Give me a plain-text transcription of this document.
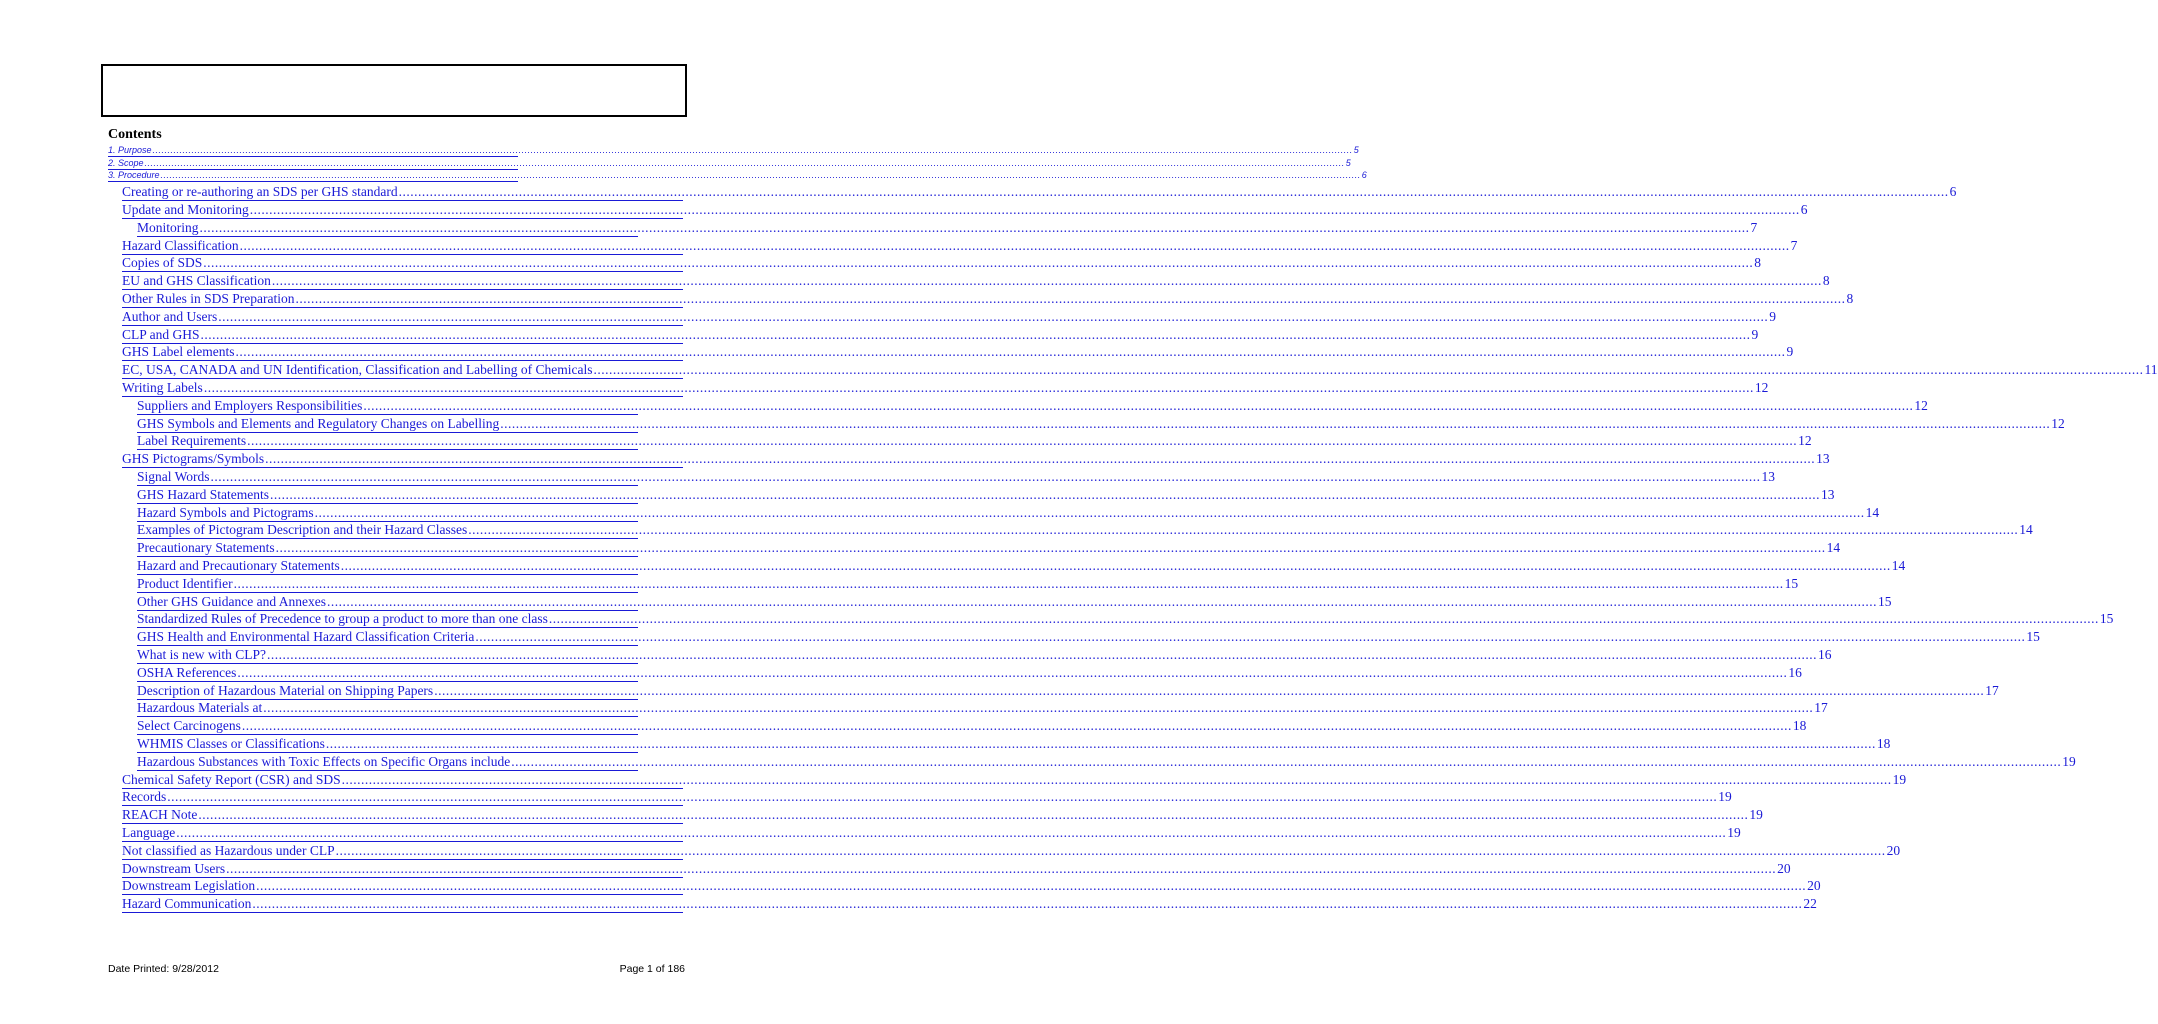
Contents
1. Purpose ................................................................................................................................................................................................................................................................................................................................................................................................................ 5
2. Scope ................................................................................................................................................................................................................................................................................................................................................................................................................ 5
3. Procedure ................................................................................................................................................................................................................................................................................................................................................................................................................ 6
Creating or re-authoring an SDS per GHS standard ................................................................................................................................................................................................................................................................................................................................................................................................................ 6
Update and Monitoring ................................................................................................................................................................................................................................................................................................................................................................................................................ 6
Monitoring ................................................................................................................................................................................................................................................................................................................................................................................................................ 7
Hazard Classification ................................................................................................................................................................................................................................................................................................................................................................................................................ 7
Copies of SDS ................................................................................................................................................................................................................................................................................................................................................................................................................ 8
EU and GHS Classification ................................................................................................................................................................................................................................................................................................................................................................................................................ 8
Other Rules in SDS Preparation ................................................................................................................................................................................................................................................................................................................................................................................................................ 8
Author and Users ................................................................................................................................................................................................................................................................................................................................................................................................................ 9
CLP and GHS ................................................................................................................................................................................................................................................................................................................................................................................................................ 9
GHS Label elements ................................................................................................................................................................................................................................................................................................................................................................................................................ 9
EC, USA, CANADA and UN Identification, Classification and Labelling of Chemicals ................................................................................................................................................................................................................................................................................................................................................................................................................ 11
Writing Labels ................................................................................................................................................................................................................................................................................................................................................................................................................ 12
Suppliers and Employers Responsibilities ................................................................................................................................................................................................................................................................................................................................................................................................................ 12
GHS Symbols and Elements and Regulatory Changes on Labelling ................................................................................................................................................................................................................................................................................................................................................................................................................ 12
Label Requirements ................................................................................................................................................................................................................................................................................................................................................................................................................ 12
GHS Pictograms/Symbols ................................................................................................................................................................................................................................................................................................................................................................................................................ 13
Signal Words ................................................................................................................................................................................................................................................................................................................................................................................................................ 13
GHS Hazard Statements ................................................................................................................................................................................................................................................................................................................................................................................................................ 13
Hazard Symbols and Pictograms ................................................................................................................................................................................................................................................................................................................................................................................................................ 14
Examples of Pictogram Description and their Hazard Classes ................................................................................................................................................................................................................................................................................................................................................................................................................ 14
Precautionary Statements ................................................................................................................................................................................................................................................................................................................................................................................................................ 14
Hazard and Precautionary Statements ................................................................................................................................................................................................................................................................................................................................................................................................................ 14
Product Identifier ................................................................................................................................................................................................................................................................................................................................................................................................................ 15
Other GHS Guidance and Annexes ................................................................................................................................................................................................................................................................................................................................................................................................................ 15
Standardized Rules of Precedence to group a product to more than one class ................................................................................................................................................................................................................................................................................................................................................................................................................ 15
GHS Health and Environmental Hazard Classification Criteria ................................................................................................................................................................................................................................................................................................................................................................................................................ 15
What is new with CLP? ................................................................................................................................................................................................................................................................................................................................................................................................................ 16
OSHA References ................................................................................................................................................................................................................................................................................................................................................................................................................ 16
Description of Hazardous Material on Shipping Papers ................................................................................................................................................................................................................................................................................................................................................................................................................ 17
Hazardous Materials at ................................................................................................................................................................................................................................................................................................................................................................................................................ 17
Select Carcinogens ................................................................................................................................................................................................................................................................................................................................................................................................................ 18
WHMIS Classes or Classifications ................................................................................................................................................................................................................................................................................................................................................................................................................ 18
Hazardous Substances with Toxic Effects on Specific Organs include ................................................................................................................................................................................................................................................................................................................................................................................................................ 19
Chemical Safety Report (CSR) and SDS ................................................................................................................................................................................................................................................................................................................................................................................................................ 19
Records ................................................................................................................................................................................................................................................................................................................................................................................................................ 19
REACH Note ................................................................................................................................................................................................................................................................................................................................................................................................................ 19
Language ................................................................................................................................................................................................................................................................................................................................................................................................................ 19
Not classified as Hazardous under CLP ................................................................................................................................................................................................................................................................................................................................................................................................................ 20
Downstream Users ................................................................................................................................................................................................................................................................................................................................................................................................................ 20
Downstream Legislation ................................................................................................................................................................................................................................................................................................................................................................................................................ 20
Hazard Communication ................................................................................................................................................................................................................................................................................................................................................................................................................ 22
Date Printed: 9/28/2012	Page 1 of 186
